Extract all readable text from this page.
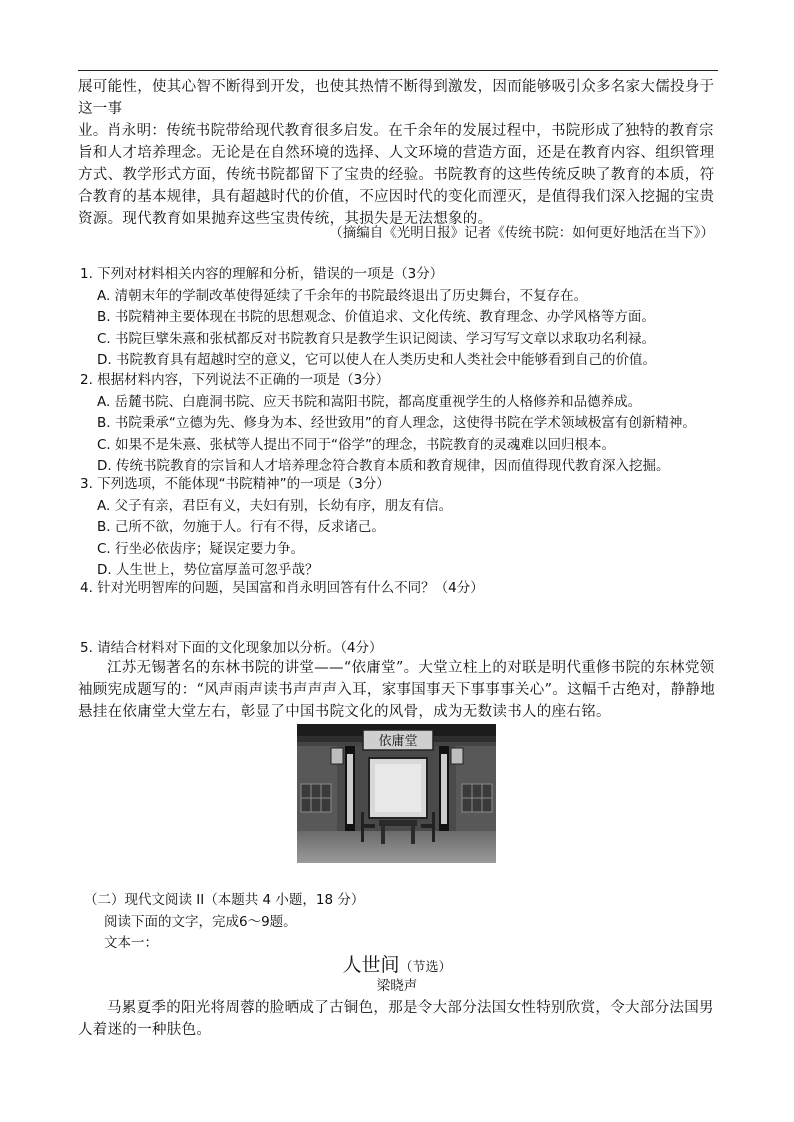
展可能性，使其心智不断得到开发，也使其热情不断得到激发，因而能够吸引众多名家大儒投身于这一事
业。 肖永明：传统书院带给现代教育很多启发。在千余年的发展过程中，书院形成了独特的教育宗旨和人才培养理念。无论是在自然环境的选择、人文环境的营造方面，还是在教育内容、组织管理方式、教学形式方面，传统书院都留下了宝贵的经验。书院教育的这些传统反映了教育的本质，符合教育的基本规律，具有超越时代的价值，不应因时代的变化而湮灭，是值得我们深入挖掘的宝贵资源。现代教育如果抛弃这些宝贵传统，其损失是无法想象的。

（摘编自《光明日报》记者《传统书院：如何更好地活在当下》）

1. 下列对材料相关内容的理解和分析，错误的一项是（3分）

A. 清朝末年的学制改革使得延续了千余年的书院最终退出了历史舞台，不复存在。

B. 书院精神主要体现在书院的思想观念、价值追求、文化传统、教育理念、办学风格等方面。

C. 书院巨擘朱熹和张栻都反对书院教育只是教学生识记阅读、学习写写文章以求取功名利禄。

D. 书院教育具有超越时空的意义，它可以使人在人类历史和人类社会中能够看到自己的价值。

2. 根据材料内容，下列说法不正确的一项是（3分）

A. 岳麓书院、白鹿洞书院、应天书院和嵩阳书院，都高度重视学生的人格修养和品德养成。

B. 书院秉承“立德为先、修身为本、经世致用”的育人理念，这使得书院在学术领域极富有创新精神。

C. 如果不是朱熹、张栻等人提出不同于“俗学”的理念，书院教育的灵魂难以回归根本。

D. 传统书院教育的宗旨和人才培养理念符合教育本质和教育规律，因而值得现代教育深入挖掘。

3. 下列选项，不能体现“书院精神”的一项是（3分）

A. 父子有亲，君臣有义，夫妇有别，长幼有序，朋友有信。

B. 己所不欲，勿施于人。行有不得，反求诸己。

C. 行坐必依齿序；疑误定要力争。

D. 人生世上，势位富厚盖可忽乎哉？

4. 针对光明智库的问题，吴国富和肖永明回答有什么不同？（4分）

5. 请结合材料对下面的文化现象加以分析。（4分）

江苏无锡著名的东林书院的讲堂——“依庸堂”。大堂立柱上的对联是明代重修书院的东林党领袖顾宪成题写的：“风声雨声读书声声声入耳，家事国事天下事事事关心”。这幅千古绝对，静静地悬挂在依庸堂大堂左右，彰显了中国书院文化的风骨，成为无数读书人的座右铭。

依庸堂
（二）现代文阅读 II（本题共 4 小题，18 分）
阅读下面的文字，完成6～9题。
文本一：
人世间（节选）
梁晓声

马累夏季的阳光将周蓉的脸晒成了古铜色，那是令大部分法国女性特别欣赏，令大部分法国男人着迷的一种肤色。
